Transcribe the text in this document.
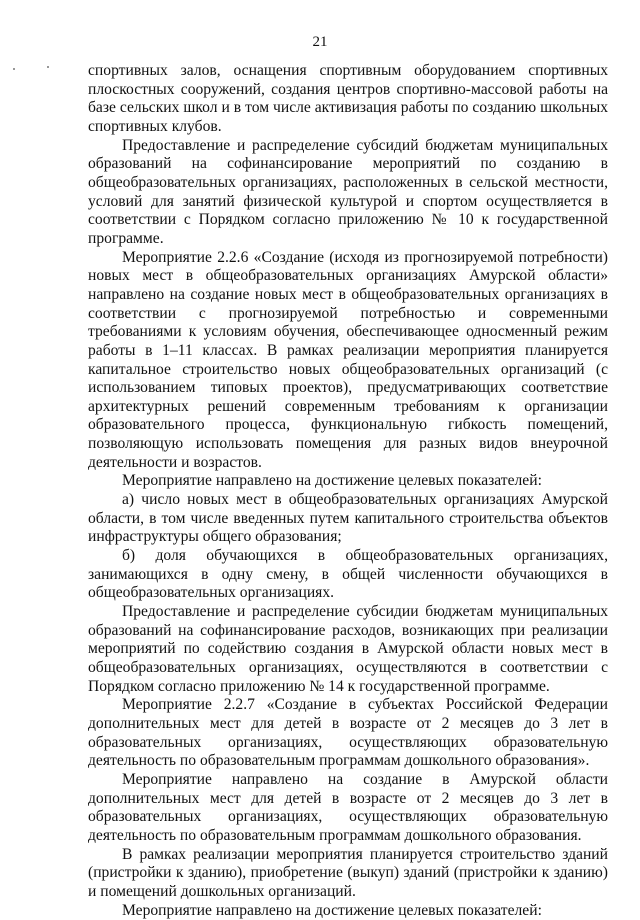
21

спортивных залов, оснащения спортивным оборудованием спортивных плоскостных сооружений, создания центров спортивно-массовой работы на базе сельских школ и в том числе активизация работы по созданию школьных спортивных клубов.

Предоставление и распределение субсидий бюджетам муниципальных образований на софинансирование мероприятий по созданию в общеобразовательных организациях, расположенных в сельской местности, условий для занятий физической культурой и спортом осуществляется в соответствии с Порядком согласно приложению № 10 к государственной программе.

Мероприятие 2.2.6 «Создание (исходя из прогнозируемой потребности) новых мест в общеобразовательных организациях Амурской области» направлено на создание новых мест в общеобразовательных организациях в соответствии с прогнозируемой потребностью и современными требованиями к условиям обучения, обеспечивающее односменный режим работы в 1–11 классах. В рамках реализации мероприятия планируется капитальное строительство новых общеобразовательных организаций (с использованием типовых проектов), предусматривающих соответствие архитектурных решений современным требованиям к организации образовательного процесса, функциональную гибкость помещений, позволяющую использовать помещения для разных видов внеурочной деятельности и возрастов.

Мероприятие направлено на достижение целевых показателей:

а) число новых мест в общеобразовательных организациях Амурской области, в том числе введенных путем капитального строительства объектов инфраструктуры общего образования;

б) доля обучающихся в общеобразовательных организациях, занимающихся в одну смену, в общей численности обучающихся в общеобразовательных организациях.

Предоставление и распределение субсидии бюджетам муниципальных образований на софинансирование расходов, возникающих при реализации мероприятий по содействию создания в Амурской области новых мест в общеобразовательных организациях, осуществляются в соответствии с Порядком согласно приложению № 14 к государственной программе.

Мероприятие 2.2.7 «Создание в субъектах Российской Федерации дополнительных мест для детей в возрасте от 2 месяцев до 3 лет в образовательных организациях, осуществляющих образовательную деятельность по образовательным программам дошкольного образования».

Мероприятие направлено на создание в Амурской области дополнительных мест для детей в возрасте от 2 месяцев до 3 лет в образовательных организациях, осуществляющих образовательную деятельность по образовательным программам дошкольного образования.

В рамках реализации мероприятия планируется строительство зданий (пристройки к зданию), приобретение (выкуп) зданий (пристройки к зданию) и помещений дошкольных организаций.

Мероприятие направлено на достижение целевых показателей:
